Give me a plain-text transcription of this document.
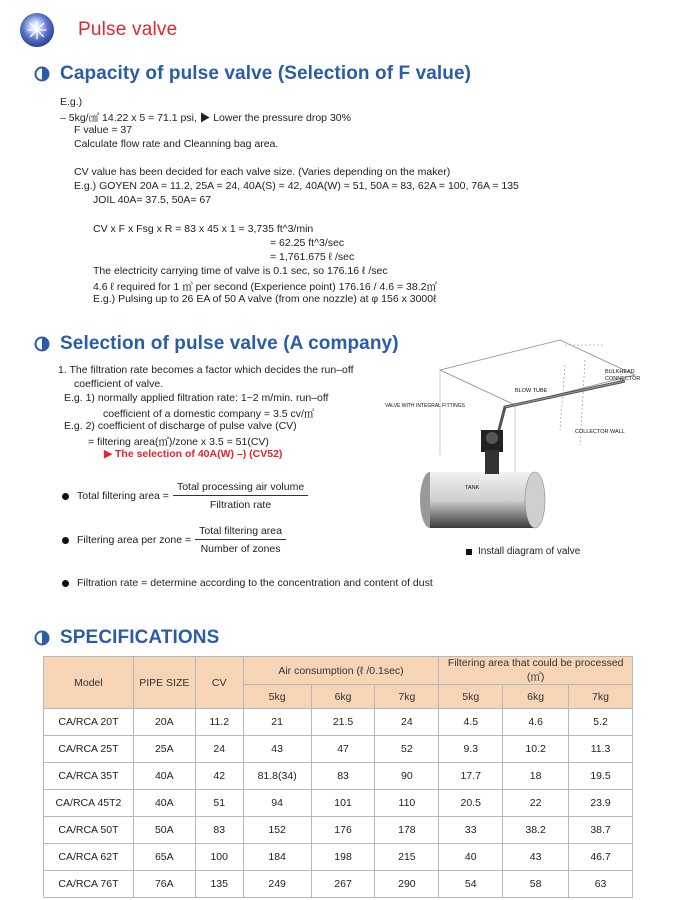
Pulse valve
Capacity of pulse valve (Selection of F value)
E.g.)
– 5kg/㎠ 14.22 x 5 = 71.1 psi, ▶ Lower the pressure drop 30%
F value = 37
Calculate flow rate and Cleanning bag area.
CV value has been decided for each valve size. (Varies depending on the maker)
E.g.) GOYEN 20A = 11.2, 25A = 24, 40A(S) = 42, 40A(W) = 51, 50A = 83, 62A = 100, 76A = 135
JOIL 40A= 37.5, 50A= 67
CV x F x Fsg x R = 83 x 45 x 1 = 3,735 ft^3/min
= 62.25 ft^3/sec
= 1,761.675 ℓ /sec
The electricity carrying time of valve is 0.1 sec, so 176.16 ℓ /sec
4.6 ℓ required for 1 ㎥ per second (Experience point) 176.16 / 4.6 = 38.2㎡
E.g.) Pulsing up to 26 EA of 50 A valve (from one nozzle) at φ 156 x 3000ℓ
Selection of pulse valve (A company)
1. The filtration rate becomes a factor which decides the run–off
coefficient of valve.
E.g. 1) normally applied filtration rate: 1~2 m/min. run–off
coefficient of a domestic company = 3.5 cv/㎡
E.g. 2) coefficient of discharge of pulse valve (CV)
= filtering area(㎡)/zone x 3.5 = 51(CV)
▶ The selection of 40A(W) –) (CV52)
Total filtering area = $\frac{\text{Total processing air volume}}{\text{Filtration rate}}$
Filtering area per zone = $\frac{\text{Total filtering area}}{\text{Number of zones}}$
Filtration rate = determine according to the concentration and content of dust
BULKHEAD
CONNECTOR
BLOW TUBE
VALVE WITH INTEGRAL FITTINGS
COLLECTOR WALL
TANK
Install diagram of valve
SPECIFICATIONS
Model	PIPE SIZE	CV	Air consumption (ℓ /0.1sec)			Filtering area that could be processed (㎡)		
			5kg	6kg	7kg	5kg	6kg	7kg
CA/RCA 20T	20A	11.2	21	21.5	24	4.5	4.6	5.2
CA/RCA 25T	25A	24	43	47	52	9.3	10.2	11.3
CA/RCA 35T	40A	42	81.8(34)	83	90	17.7	18	19.5
CA/RCA 45T2	40A	51	94	101	110	20.5	22	23.9
CA/RCA 50T	50A	83	152	176	178	33	38.2	38.7
CA/RCA 62T	65A	100	184	198	215	40	43	46.7
CA/RCA 76T	76A	135	249	267	290	54	58	63
